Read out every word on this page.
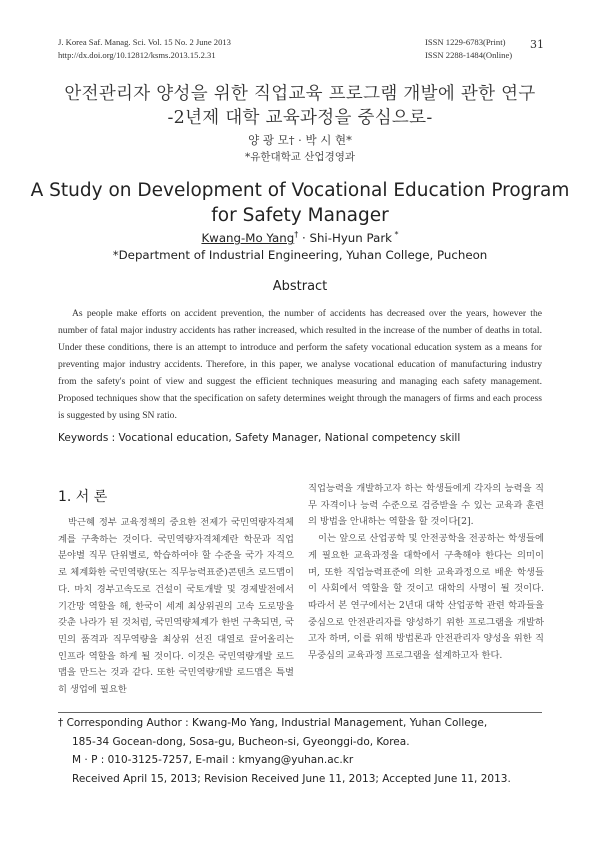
J. Korea Saf. Manag. Sci. Vol. 15 No. 2 June 2013
http://dx.doi.org/10.12812/ksms.2013.15.2.31
ISSN 1229-6783(Print)
ISSN 2288-1484(Online)
31
안전관리자 양성을 위한 직업교육 프로그램 개발에 관한 연구
-2년제 대학 교육과정을 중심으로-
양 광 모† · 박 시 현*
*유한대학교 산업경영과
A Study on Development of Vocational Education Program
for Safety Manager
Kwang-Mo Yang† · Shi-Hyun Park *
*Department of Industrial Engineering, Yuhan College, Pucheon
Abstract
As people make efforts on accident prevention, the number of accidents has decreased over the years, however the number of fatal major industry accidents has rather increased, which resulted in the increase of the number of deaths in total. Under these conditions, there is an attempt to introduce and perform the safety vocational education system as a means for preventing major industry accidents. Therefore, in this paper, we analyse vocational education of manufacturing industry from the safety's point of view and suggest the efficient techniques measuring and managing each safety management. Proposed techniques show that the specification on safety determines weight through the managers of firms and each process is suggested by using SN ratio.
Keywords : Vocational education, Safety Manager, National competency skill
1. 서 론

박근혜 정부 교육정책의 중요한 전제가 국민역량자격체계를 구축하는 것이다. 국민역량자격체계란 학문과 직업 분야별 직무 단위별로, 학습하여야 할 수준을 국가 자격으로 체계화한 국민역량(또는 직무능력표준)콘텐츠 로드맵이다. 마치 경부고속도로 건설이 국토개발 및 경제발전에서 기간망 역할을 해, 한국이 세계 최상위권의 고속 도로망을 갖춘 나라가 된 것처럼, 국민역량체계가 한번 구축되면, 국민의 품격과 직무역량을 최상위 선진 대열로 끌어올리는 인프라 역할을 하게 될 것이다. 이것은 국민역량개발 로드맵을 만드는 것과 같다. 또한 국민역량개발 로드맵은 특별히 생업에 필요한

직업능력을 개발하고자 하는 학생들에게 각자의 능력을 직무 자격이나 능력 수준으로 검증받을 수 있는 교육과 훈련의 방법을 안내하는 역할을 할 것이다[2].

이는 앞으로 산업공학 및 안전공학을 전공하는 학생들에게 필요한 교육과정을 대학에서 구축해야 한다는 의미이며, 또한 직업능력표준에 의한 교육과정으로 배운 학생들이 사회에서 역할을 할 것이고 대학의 사명이 될 것이다. 따라서 본 연구에서는 2년대 대학 산업공학 관련 학과들을 중심으로 안전관리자를 양성하기 위한 프로그램을 개발하고자 하며, 이를 위해 방법론과 안전관리자 양성을 위한 직무중심의 교육과정 프로그램을 설계하고자 한다.

† Corresponding Author : Kwang-Mo Yang, Industrial Management, Yuhan College,
185-34 Gocean-dong, Sosa-gu, Bucheon-si, Gyeonggi-do, Korea.
M · P : 010-3125-7257, E-mail : kmyang@yuhan.ac.kr
Received April 15, 2013; Revision Received June 11, 2013; Accepted June 11, 2013.
